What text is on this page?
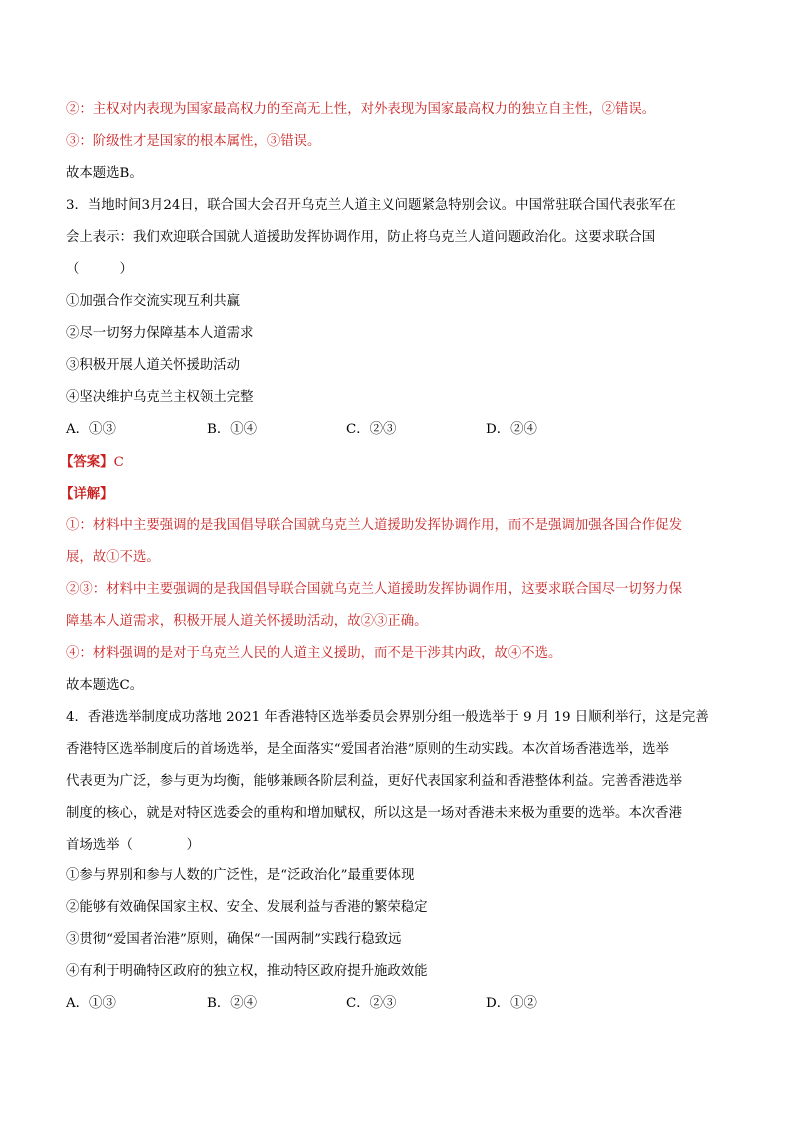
②：主权对内表现为国家最高权力的至高无上性，对外表现为国家最高权力的独立自主性，②错误。
③：阶级性才是国家的根本属性，③错误。
故本题选B。
3．当地时间3月24日，联合国大会召开乌克兰人道主义问题紧急特别会议。中国常驻联合国代表张军在
会上表示：我们欢迎联合国就人道援助发挥协调作用，防止将乌克兰人道问题政治化。这要求联合国
（　　　）
①加强合作交流实现互利共赢
②尽一切努力保障基本人道需求
③积极开展人道关怀援助活动
④坚决维护乌克兰主权领土完整
A．①③	B．①④	C．②③	D．②④
【答案】C
【详解】
①：材料中主要强调的是我国倡导联合国就乌克兰人道援助发挥协调作用，而不是强调加强各国合作促发
展，故①不选。
②③：材料中主要强调的是我国倡导联合国就乌克兰人道援助发挥协调作用，这要求联合国尽一切努力保
障基本人道需求，积极开展人道关怀援助活动，故②③正确。
④：材料强调的是对于乌克兰人民的人道主义援助，而不是干涉其内政，故④不选。
故本题选C。
4．香港选举制度成功落地 2021 年香港特区选举委员会界别分组一般选举于 9 月 19 日顺利举行，这是完善
香港特区选举制度后的首场选举，是全面落实“爱国者治港”原则的生动实践。本次首场香港选举，选举
代表更为广泛，参与更为均衡，能够兼顾各阶层利益，更好代表国家利益和香港整体利益。完善香港选举
制度的核心，就是对特区选委会的重构和增加赋权，所以这是一场对香港未来极为重要的选举。本次香港
首场选举（　　　　）
①参与界别和参与人数的广泛性，是“泛政治化”最重要体现
②能够有效确保国家主权、安全、发展利益与香港的繁荣稳定
③贯彻“爱国者治港”原则，确保“一国两制”实践行稳致远
④有利于明确特区政府的独立权，推动特区政府提升施政效能
A．①③	B．②④	C．②③	D．①②
